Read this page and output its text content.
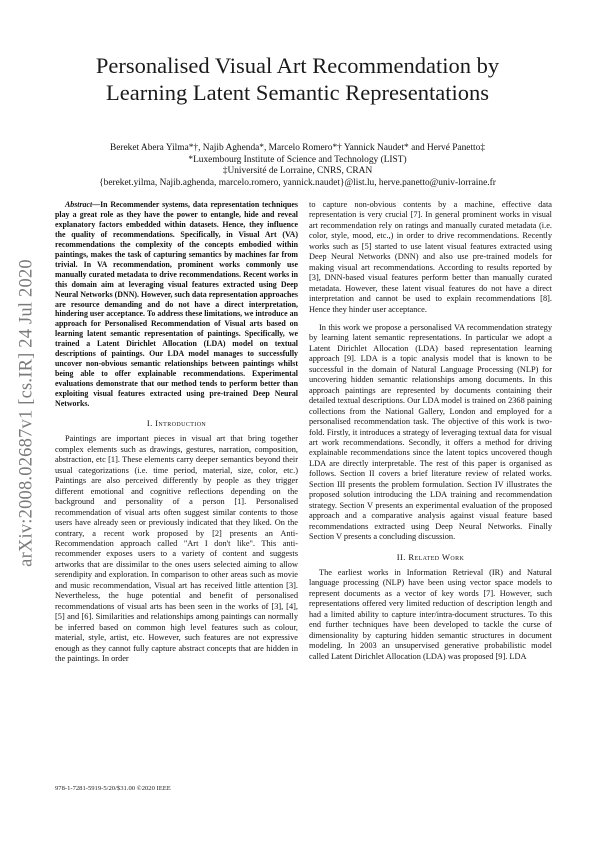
arXiv:2008.02687v1 [cs.IR] 24 Jul 2020
Personalised Visual Art Recommendation by
Learning Latent Semantic Representations
Bereket Abera Yilma*†, Najib Aghenda*, Marcelo Romero*† Yannick Naudet* and Hervé Panetto‡
*Luxembourg Institute of Science and Technology (LIST)
‡Université de Lorraine, CNRS, CRAN
{bereket.yilma, Najib.aghenda, marcelo.romero, yannick.naudet}@list.lu, herve.panetto@univ-lorraine.fr

Abstract—In Recommender systems, data representation techniques play a great role as they have the power to entangle, hide and reveal explanatory factors embedded within datasets. Hence, they influence the quality of recommendations. Specifically, in Visual Art (VA) recommendations the complexity of the concepts embodied within paintings, makes the task of capturing semantics by machines far from trivial. In VA recommendation, prominent works commonly use manually curated metadata to drive recommendations. Recent works in this domain aim at leveraging visual features extracted using Deep Neural Networks (DNN). However, such data representation approaches are resource demanding and do not have a direct interpretation, hindering user acceptance. To address these limitations, we introduce an approach for Personalised Recommendation of Visual arts based on learning latent semantic representation of paintings. Specifically, we trained a Latent Dirichlet Allocation (LDA) model on textual descriptions of paintings. Our LDA model manages to successfully uncover non-obvious semantic relationships between paintings whilst being able to offer explainable recommendations. Experimental evaluations demonstrate that our method tends to perform better than exploiting visual features extracted using pre-trained Deep Neural Networks.

I. Introduction

Paintings are important pieces in visual art that bring together complex elements such as drawings, gestures, narration, composition, abstraction, etc [1]. These elements carry deeper semantics beyond their usual categorizations (i.e. time period, material, size, color, etc.) Paintings are also perceived differently by people as they trigger different emotional and cognitive reflections depending on the background and personality of a person [1]. Personalised recommendation of visual arts often suggest similar contents to those users have already seen or previously indicated that they liked. On the contrary, a recent work proposed by [2] presents an Anti-Recommendation approach called "Art I don't like". This anti-recommender exposes users to a variety of content and suggests artworks that are dissimilar to the ones users selected aiming to allow serendipity and exploration. In comparison to other areas such as movie and music recommendation, Visual art has received little attention [3]. Nevertheless, the huge potential and benefit of personalised recommendations of visual arts has been seen in the works of [3], [4], [5] and [6]. Similarities and relationships among paintings can normally be inferred based on common high level features such as colour, material, style, artist, etc. However, such features are not expressive enough as they cannot fully capture abstract concepts that are hidden in the paintings. In order

to capture non-obvious contents by a machine, effective data representation is very crucial [7]. In general prominent works in visual art recommendation rely on ratings and manually curated metadata (i.e. color, style, mood, etc.,) in order to drive recommendations. Recently works such as [5] started to use latent visual features extracted using Deep Neural Networks (DNN) and also use pre-trained models for making visual art recommendations. According to results reported by [3], DNN-based visual features perform better than manually curated metadata. However, these latent visual features do not have a direct interpretation and cannot be used to explain recommendations [8]. Hence they hinder user acceptance.

In this work we propose a personalised VA recommendation strategy by learning latent semantic representations. In particular we adopt a Latent Dirichlet Allocation (LDA) based representation learning approach [9]. LDA is a topic analysis model that is known to be successful in the domain of Natural Language Processing (NLP) for uncovering hidden semantic relationships among documents. In this approach paintings are represented by documents containing their detailed textual descriptions. Our LDA model is trained on 2368 paining collections from the National Gallery, London and employed for a personalised recommendation task. The objective of this work is two-fold. Firstly, it introduces a strategy of leveraging textual data for visual art work recommendations. Secondly, it offers a method for driving explainable recommendations since the latent topics uncovered though LDA are directly interpretable. The rest of this paper is organised as follows. Section II covers a brief literature review of related works. Section III presents the problem formulation. Section IV illustrates the proposed solution introducing the LDA training and recommendation strategy. Section V presents an experimental evaluation of the proposed approach and a comparative analysis against visual feature based recommendations extracted using Deep Neural Networks. Finally Section V presents a concluding discussion.

II. Related Work

The earliest works in Information Retrieval (IR) and Natural language processing (NLP) have been using vector space models to represent documents as a vector of key words [7]. However, such representations offered very limited reduction of description length and had a limited ability to capture inter/intra-document structures. To this end further techniques have been developed to tackle the curse of dimensionality by capturing hidden semantic structures in document modeling. In 2003 an unsupervised generative probabilistic model called Latent Dirichlet Allocation (LDA) was proposed [9]. LDA

978-1-7281-5919-5/20/$31.00 ©2020 IEEE
